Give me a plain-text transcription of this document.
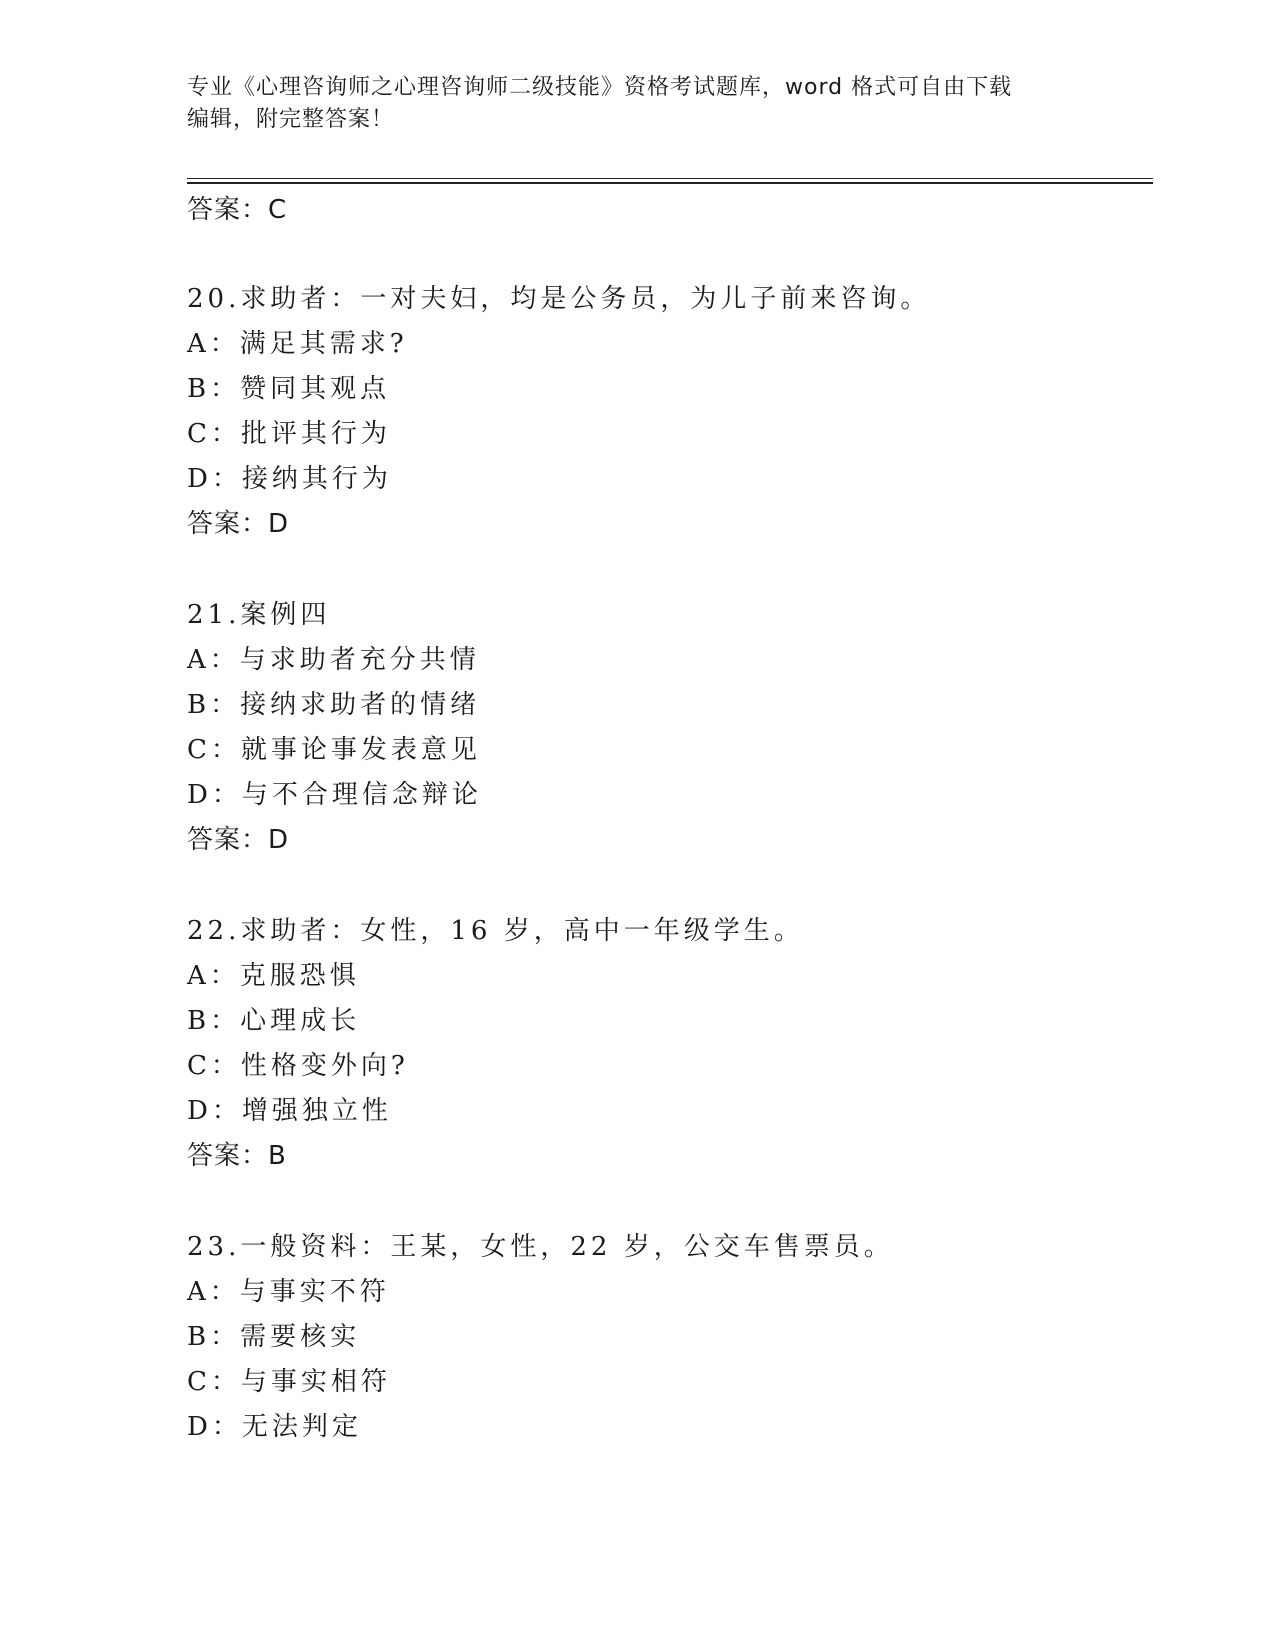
专业《心理咨询师之心理咨询师二级技能》资格考试题库，word 格式可自由下载
编辑，附完整答案！
答案：C
20.求助者：一对夫妇，均是公务员，为儿子前来咨询。
A：满足其需求?
B：赞同其观点
C：批评其行为
D：接纳其行为
答案：D
21.案例四
A：与求助者充分共情
B：接纳求助者的情绪
C：就事论事发表意见
D：与不合理信念辩论
答案：D
22.求助者：女性，16 岁，高中一年级学生。
A：克服恐惧
B：心理成长
C：性格变外向?
D：增强独立性
答案：B
23.一般资料：王某，女性，22 岁，公交车售票员。
A：与事实不符
B：需要核实
C：与事实相符
D：无法判定
